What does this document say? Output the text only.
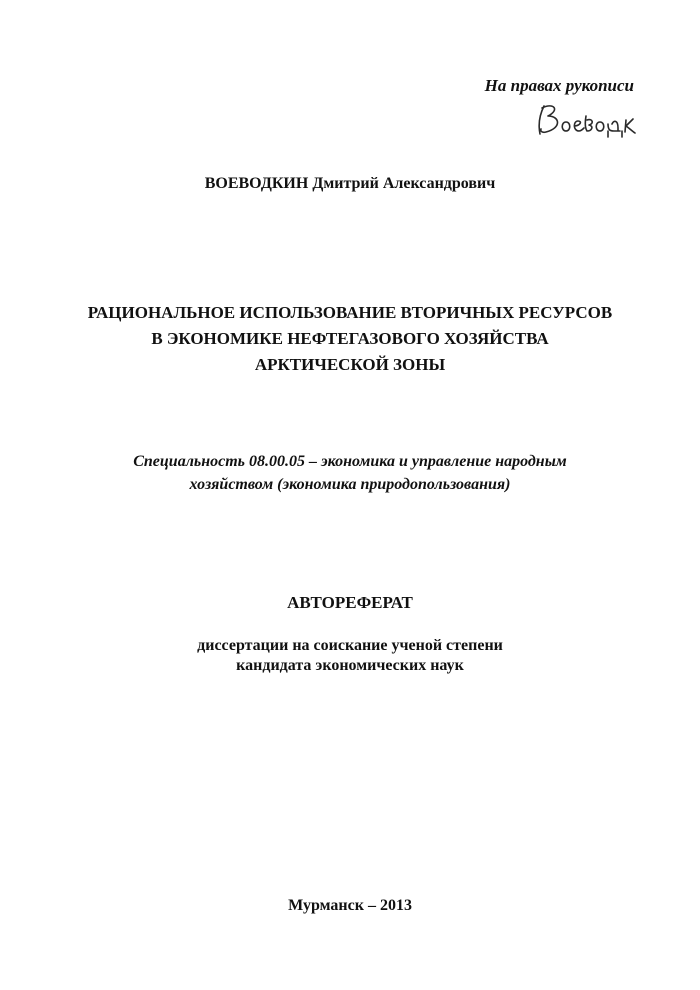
На правах рукописи
ВОЕВОДКИН Дмитрий Александрович
РАЦИОНАЛЬНОЕ ИСПОЛЬЗОВАНИЕ ВТОРИЧНЫХ РЕСУРСОВ
В ЭКОНОМИКЕ НЕФТЕГАЗОВОГО ХОЗЯЙСТВА
АРКТИЧЕСКОЙ ЗОНЫ
Специальность 08.00.05 – экономика и управление народным
хозяйством (экономика природопользования)
АВТОРЕФЕРАТ
диссертации на соискание ученой степени
кандидата экономических наук
Мурманск – 2013
